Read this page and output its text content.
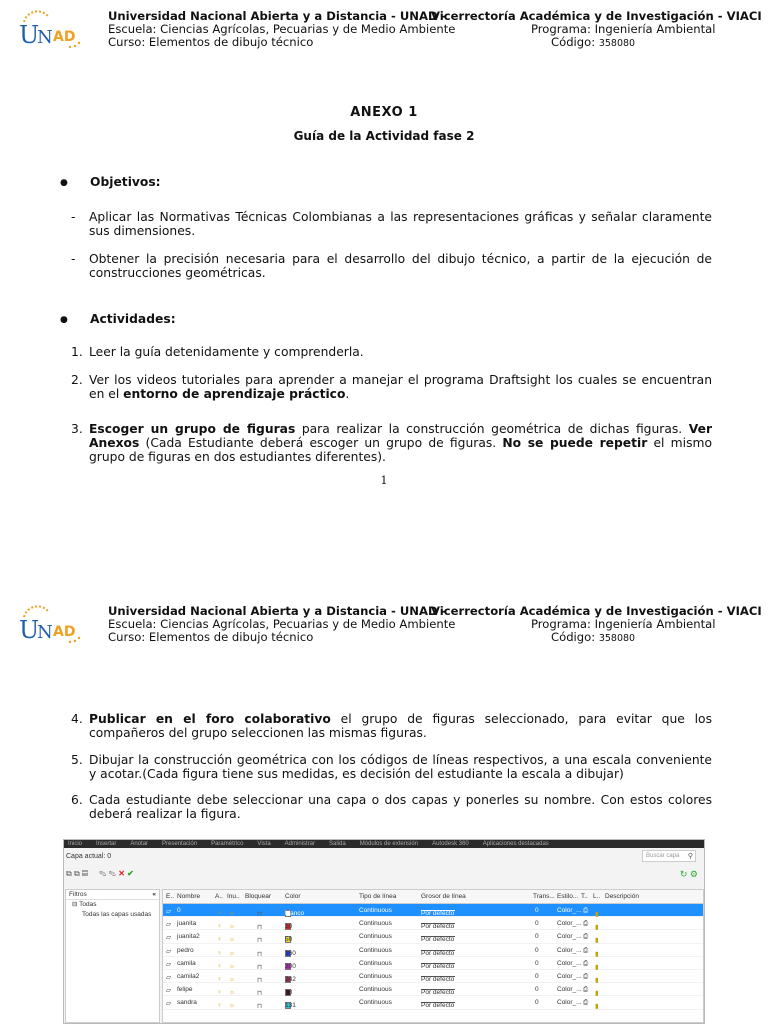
U
N AD
Universidad Nacional Abierta y a Distancia - UNAD -
Vicerrectoría Académica y de Investigación - VIACI
Escuela: Ciencias Agrícolas, Pecuarias y de Medio Ambiente	Programa: Ingeniería Ambiental
Curso: Elementos de dibujo técnico	Código: 358080
ANEXO 1
Guía de la Actividad fase 2
● Objetivos:
- Aplicar las Normativas Técnicas Colombianas a las representaciones gráficas y señalar claramente sus dimensiones.
- Obtener la precisión necesaria para el desarrollo del dibujo técnico, a partir de la ejecución de construcciones geométricas.
● Actividades:
1. Leer la guía detenidamente y comprenderla.
2. Ver los videos tutoriales para aprender a manejar el programa Draftsight los cuales se encuentran en el entorno de aprendizaje práctico.
3. Escoger un grupo de figuras para realizar la construcción geométrica de dichas figuras. Ver Anexos (Cada Estudiante deberá escoger un grupo de figuras. No se puede repetir el mismo grupo de figuras en dos estudiantes diferentes).
1
U
N AD
Universidad Nacional Abierta y a Distancia - UNAD -
Vicerrectoría Académica y de Investigación - VIACI
Escuela: Ciencias Agrícolas, Pecuarias y de Medio Ambiente	Programa: Ingeniería Ambiental
Curso: Elementos de dibujo técnico	Código: 358080
4. Publicar en el foro colaborativo el grupo de figuras seleccionado, para evitar que los compañeros del grupo seleccionen las mismas figuras.
5. Dibujar la construcción geométrica con los códigos de líneas respectivos, a una escala conveniente y acotar.(Cada figura tiene sus medidas, es decisión del estudiante la escala a dibujar)
6. Cada estudiante debe seleccionar una capa o dos capas y ponerles su nombre. Con estos colores deberá realizar la figura.
Inicio Insertar Anotar Presentación Paramétrico Vista Administrar Salida Módulos de extensión Autodesk 360 Aplicaciones destacadas
Capa actual: 0	Buscar capa ⚲
⧉ ⧉ ▤ ✎ ✎ ✕ ✔	↻ ⚙
Filtros	«
⊟ Todas
Todas las capas usadas
E.. Nombre A.. Inu.. Bloquear Color	Tipo de línea	Grosor de línea	Trans... Estilo... T.. L.. Descripción
▱ 0	♀ ☼	⊓	blanco	Continuous	Por defecto	0	Color_... ⎙
▮
▱ juanita	♀ ☼	⊓	10	Continuous	Por defecto	0	Color_... ⎙
▮
▱ juanita2	♀ ☼	⊓	50	Continuous	Por defecto	0	Color_... ⎙
▮
▱ pedro	♀ ☼	⊓	160	Continuous	Por defecto	0	Color_... ⎙
▮
▱ camila	♀ ☼	⊓	200	Continuous	Por defecto	0	Color_... ⎙
▮
▱ camila2	♀ ☼	⊓	242	Continuous	Por defecto	0	Color_... ⎙
▮
▱ felipe	♀ ☼	⊓	18	Continuous	Por defecto	0	Color_... ⎙
▮
▱ sandra	♀ ☼	⊓	131	Continuous	Por defecto	0	Color_... ⎙
▮
